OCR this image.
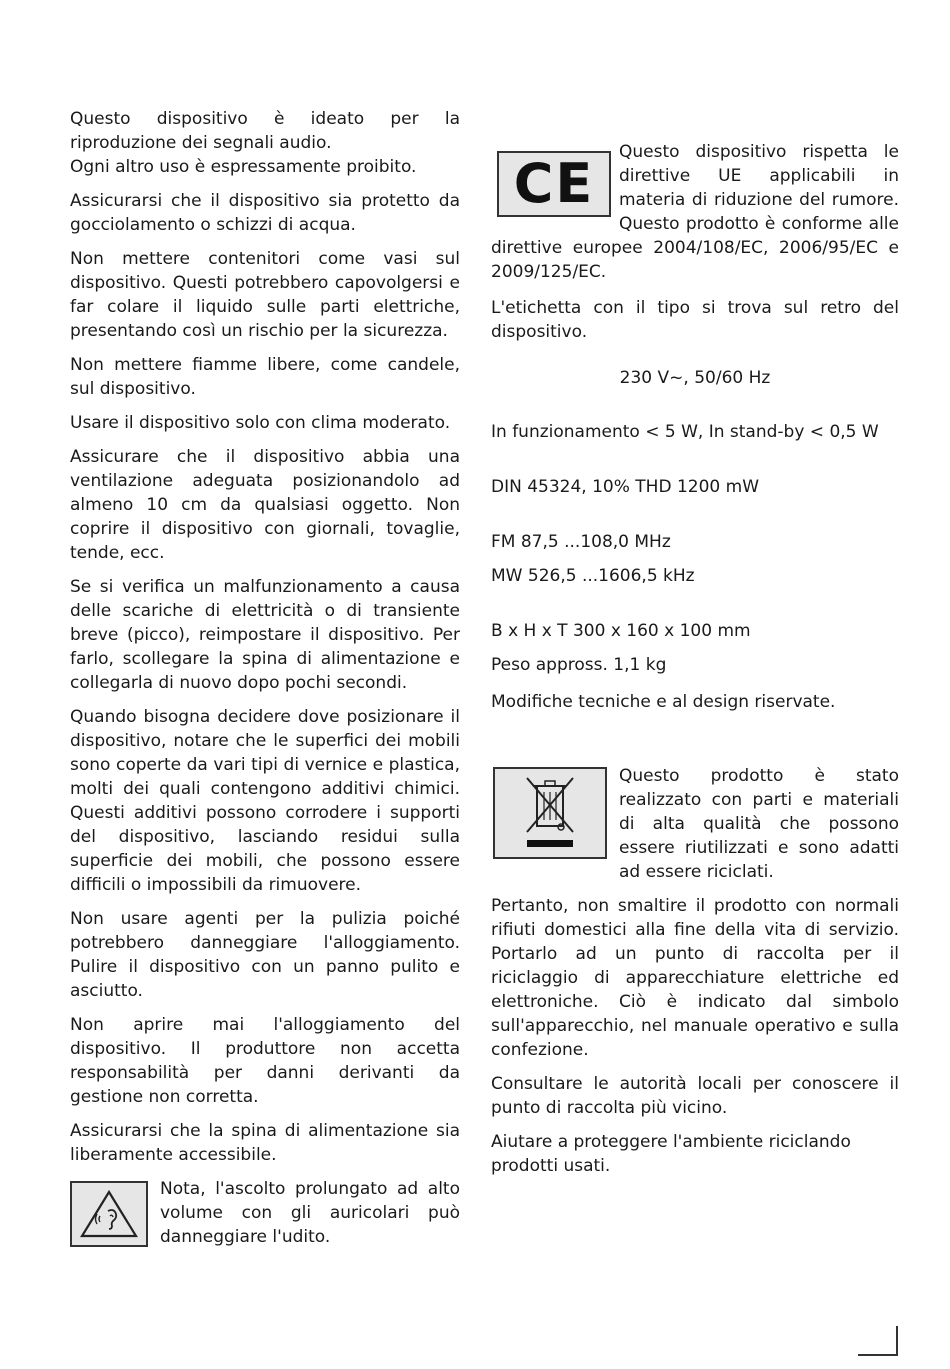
Questo dispositivo è ideato per la riproduzione dei segnali audio.

Ogni altro uso è espressamente proibito.

Assicurarsi che il dispositivo sia protetto da gocciolamento o schizzi di acqua.

Non mettere contenitori come vasi sul dispositivo. Questi potrebbero capovolgersi e far colare il liquido sulle parti elettriche, presentando così un rischio per la sicurezza.

Non mettere fiamme libere, come candele, sul dispositivo.

Usare il dispositivo solo con clima moderato.

Assicurare che il dispositivo abbia una ventilazione adeguata posizionandolo ad almeno 10 cm da qualsiasi oggetto. Non coprire il dispositivo con giornali, tovaglie, tende, ecc.

Se si verifica un malfunzionamento a causa delle scariche di elettricità o di transiente breve (picco), reimpostare il dispositivo. Per farlo, scollegare la spina di alimentazione e collegarla di nuovo dopo pochi secondi.

Quando bisogna decidere dove posizionare il dispositivo, notare che le superfici dei mobili sono coperte da vari tipi di vernice e plastica, molti dei quali contengono additivi chimici. Questi additivi possono corrodere i supporti del dispositivo, lasciando residui sulla superficie dei mobili, che possono essere difficili o impossibili da rimuovere.

Non usare agenti per la pulizia poiché potrebbero danneggiare l'alloggiamento. Pulire il dispositivo con un panno pulito e asciutto.

Non aprire mai l'alloggiamento del dispositivo. Il produttore non accetta responsabilità per danni derivanti da gestione non corretta.

Assicurarsi che la spina di alimentazione sia liberamente accessibile.

Nota, l'ascolto prolungato ad alto volume con gli auricolari può danneggiare l'udito.

CE	Questo dispositivo rispetta le direttive UE applicabili in materia di riduzione del rumore. Questo prodotto è conforme alle direttive europee 2004/108/EC, 2006/95/EC e 2009/125/EC.

L'etichetta con il tipo si trova sul retro del dispositivo.

230 V~, 50/60 Hz

In funzionamento < 5 W, In stand-by < 0,5 W

DIN 45324, 10% THD 1200 mW

FM 87,5 ...108,0 MHz

MW 526,5 ...1606,5 kHz

B x H x T 300 x 160 x 100 mm

Peso appross. 1,1 kg

Modifiche tecniche e al design riservate.

Questo prodotto è stato realizzato con parti e materiali di alta qualità che possono essere riutilizzati e sono adatti ad essere riciclati.

Pertanto, non smaltire il prodotto con normali rifiuti domestici alla fine della vita di servizio. Portarlo ad un punto di raccolta per il riciclaggio di apparecchiature elettriche ed elettroniche. Ciò è indicato dal simbolo sull'apparecchio, nel manuale operativo e sulla confezione.

Consultare le autorità locali per conoscere il punto di raccolta più vicino.

Aiutare a proteggere l'ambiente riciclando prodotti usati.
